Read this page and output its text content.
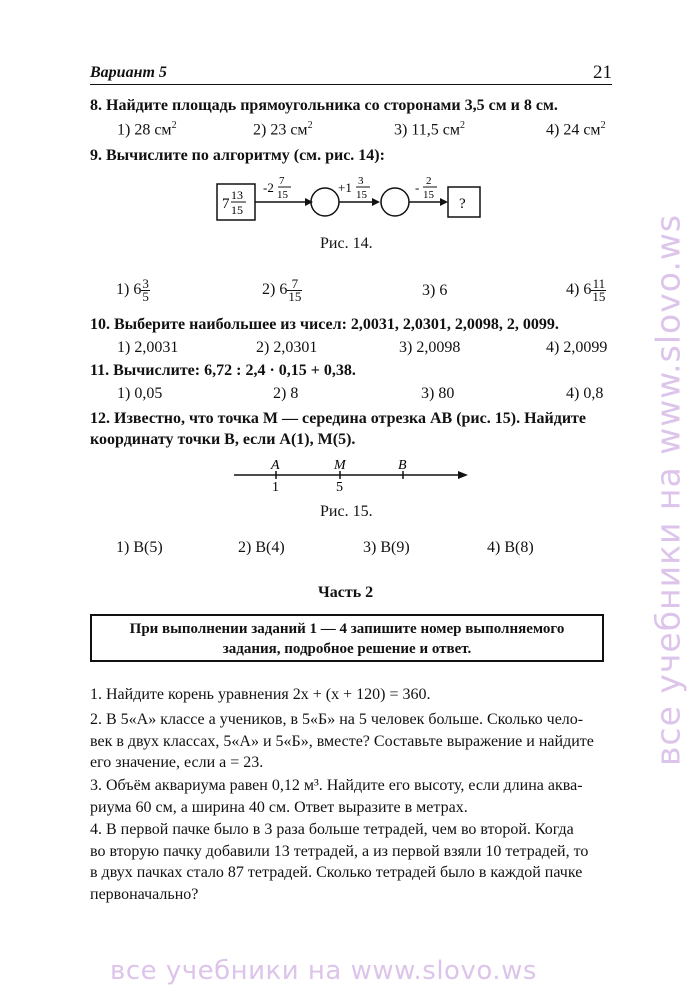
Вариант 5	21
8. Найдите площадь прямоугольника со сторонами 3,5 см и 8 см.
1) 28 $см^2$	2) 23 $см^2$	3) 11,5 $см^2$	4) 24 $см^2$
9. Вычислите по алгоритму (см. рис. 14):
7
13
15
-2 7
15	+1 3
15	- 2
15
?
Рис. 14.
1) $6 \frac{3}{5}$	2) $6 \frac{7}{15}$	3) 6	4) $6 \frac{11}{15}$
10. Выберите наибольшее из чисел: 2,0031, 2,0301, 2,0098, 2, 0099.
1) 2,0031	2) 2,0301	3) 2,0098	4) 2,0099
11. Вычислите: 6,72 : 2,4 · 0,15 + 0,38.
1) 0,05	2) 8	3) 80	4) 0,8
12. Известно, что точка M — середина отрезка AB (рис. 15). Найдите
координату точки B, если A(1), M(5).
A	M	B
1	5
Рис. 15.
1) B(5)	2) B(4)	3) B(9)	4) B(8)
Часть 2
При выполнении заданий 1 — 4 запишите номер выполняемого
задания, подробное решение и ответ.
1. Найдите корень уравнения 2x + (x + 120) = 360.
2. В 5«А» классе a учеников, в 5«Б» на 5 человек больше. Сколько чело-
век в двух классах, 5«А» и 5«Б», вместе? Составьте выражение и найдите
его значение, если a = 23.
3. Объём аквариума равен 0,12 м³. Найдите его высоту, если длина аква-
риума 60 см, а ширина 40 см. Ответ выразите в метрах.
4. В первой пачке было в 3 раза больше тетрадей, чем во второй. Когда
во вторую пачку добавили 13 тетрадей, а из первой взяли 10 тетрадей, то
в двух пачках стало 87 тетрадей. Сколько тетрадей было в каждой пачке
первоначально?
все учебники на www.slovo.ws
все учебники на www.slovo.ws
